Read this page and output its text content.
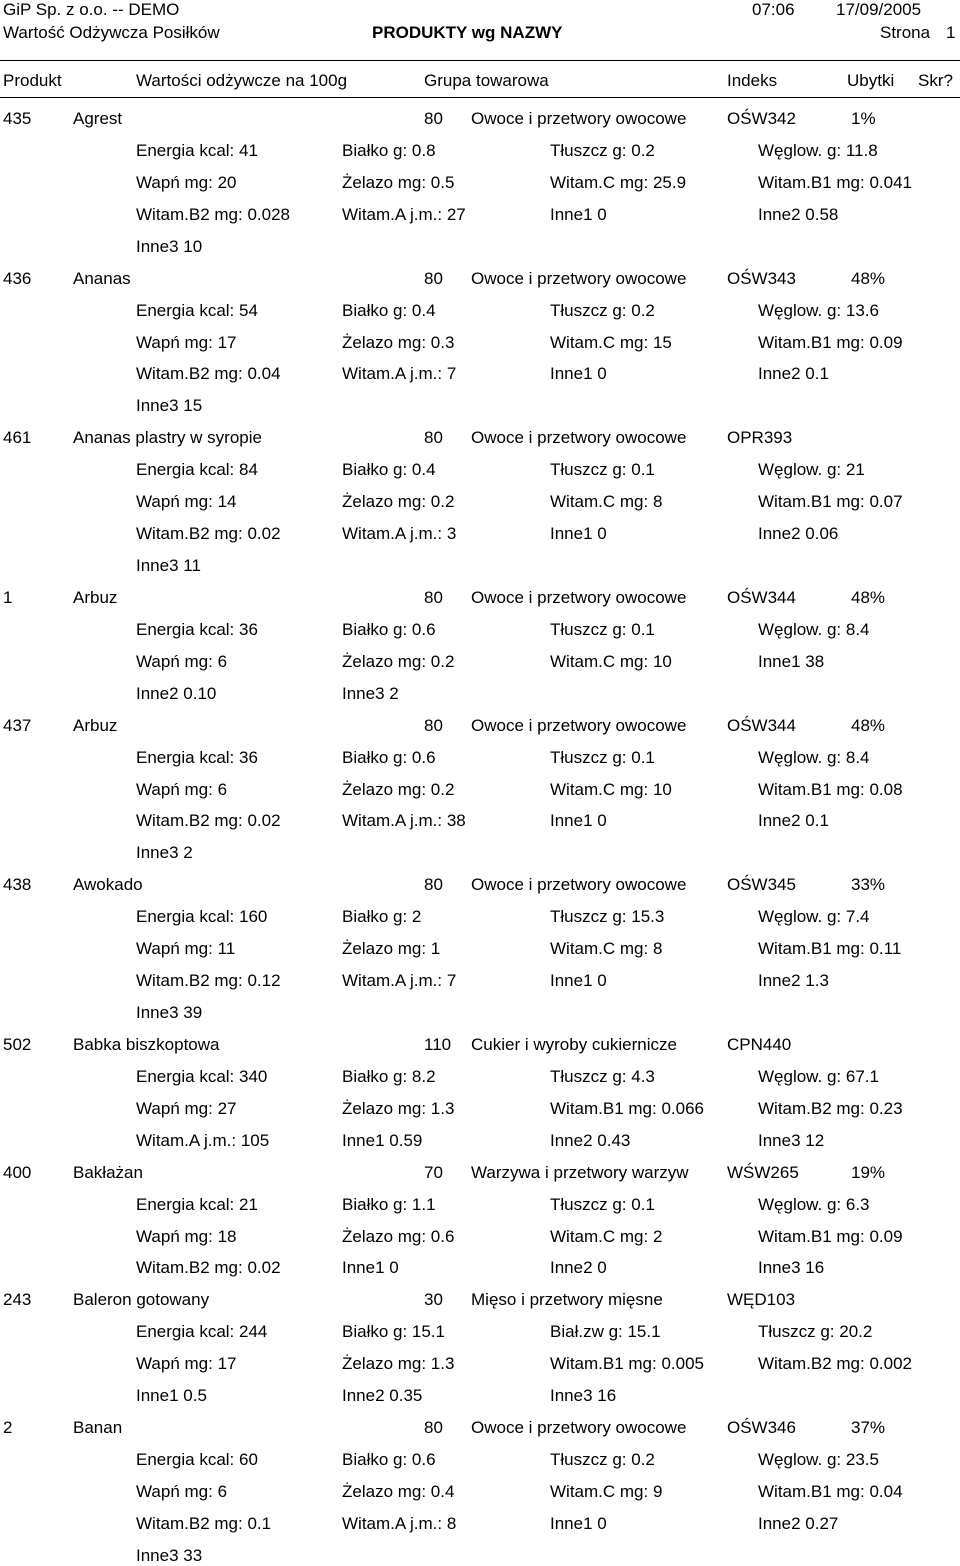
GiP Sp. z o.o. -- DEMO	07:06 17/09/2005
Wartość Odżywcza Posiłków	PRODUKTY wg NAZWY	Strona 1
Produkt	Wartości odżywcze na 100g	Grupa towarowa	Indeks	Ubytki Skr?
435 Agrest	80 Owoce i przetwory owocowe	OŚW342	1%
Energia kcal: 41	Białko g: 0.8	Tłuszcz g: 0.2	Węglow. g: 11.8
Wapń mg: 20	Żelazo mg: 0.5	Witam.C mg: 25.9	Witam.B1 mg: 0.041
Witam.B2 mg: 0.028	Witam.A j.m.: 27	Inne1 0	Inne2 0.58
Inne3 10
436 Ananas	80 Owoce i przetwory owocowe	OŚW343	48%
Energia kcal: 54	Białko g: 0.4	Tłuszcz g: 0.2	Węglow. g: 13.6
Wapń mg: 17	Żelazo mg: 0.3	Witam.C mg: 15	Witam.B1 mg: 0.09
Witam.B2 mg: 0.04	Witam.A j.m.: 7	Inne1 0	Inne2 0.1
Inne3 15
461 Ananas plastry w syropie	80 Owoce i przetwory owocowe	OPR393
Energia kcal: 84	Białko g: 0.4	Tłuszcz g: 0.1	Węglow. g: 21
Wapń mg: 14	Żelazo mg: 0.2	Witam.C mg: 8	Witam.B1 mg: 0.07
Witam.B2 mg: 0.02	Witam.A j.m.: 3	Inne1 0	Inne2 0.06
Inne3 11
1	Arbuz	80 Owoce i przetwory owocowe	OŚW344	48%
Energia kcal: 36	Białko g: 0.6	Tłuszcz g: 0.1	Węglow. g: 8.4
Wapń mg: 6	Żelazo mg: 0.2	Witam.C mg: 10	Inne1 38
Inne2 0.10	Inne3 2
437 Arbuz	80 Owoce i przetwory owocowe	OŚW344	48%
Energia kcal: 36	Białko g: 0.6	Tłuszcz g: 0.1	Węglow. g: 8.4
Wapń mg: 6	Żelazo mg: 0.2	Witam.C mg: 10	Witam.B1 mg: 0.08
Witam.B2 mg: 0.02	Witam.A j.m.: 38	Inne1 0	Inne2 0.1
Inne3 2
438 Awokado	80 Owoce i przetwory owocowe	OŚW345	33%
Energia kcal: 160	Białko g: 2	Tłuszcz g: 15.3	Węglow. g: 7.4
Wapń mg: 11	Żelazo mg: 1	Witam.C mg: 8	Witam.B1 mg: 0.11
Witam.B2 mg: 0.12	Witam.A j.m.: 7	Inne1 0	Inne2 1.3
Inne3 39
502 Babka biszkoptowa	110 Cukier i wyroby cukiernicze	CPN440
Energia kcal: 340	Białko g: 8.2	Tłuszcz g: 4.3	Węglow. g: 67.1
Wapń mg: 27	Żelazo mg: 1.3	Witam.B1 mg: 0.066	Witam.B2 mg: 0.23
Witam.A j.m.: 105	Inne1 0.59	Inne2 0.43	Inne3 12
400 Bakłażan	70 Warzywa i przetwory warzyw	WŚW265	19%
Energia kcal: 21	Białko g: 1.1	Tłuszcz g: 0.1	Węglow. g: 6.3
Wapń mg: 18	Żelazo mg: 0.6	Witam.C mg: 2	Witam.B1 mg: 0.09
Witam.B2 mg: 0.02	Inne1 0	Inne2 0	Inne3 16
243 Baleron gotowany	30 Mięso i przetwory mięsne	WĘD103
Energia kcal: 244	Białko g: 15.1	Biał.zw g: 15.1	Tłuszcz g: 20.2
Wapń mg: 17	Żelazo mg: 1.3	Witam.B1 mg: 0.005	Witam.B2 mg: 0.002
Inne1 0.5	Inne2 0.35	Inne3 16
2	Banan	80 Owoce i przetwory owocowe	OŚW346	37%
Energia kcal: 60	Białko g: 0.6	Tłuszcz g: 0.2	Węglow. g: 23.5
Wapń mg: 6	Żelazo mg: 0.4	Witam.C mg: 9	Witam.B1 mg: 0.04
Witam.B2 mg: 0.1	Witam.A j.m.: 8	Inne1 0	Inne2 0.27
Inne3 33
